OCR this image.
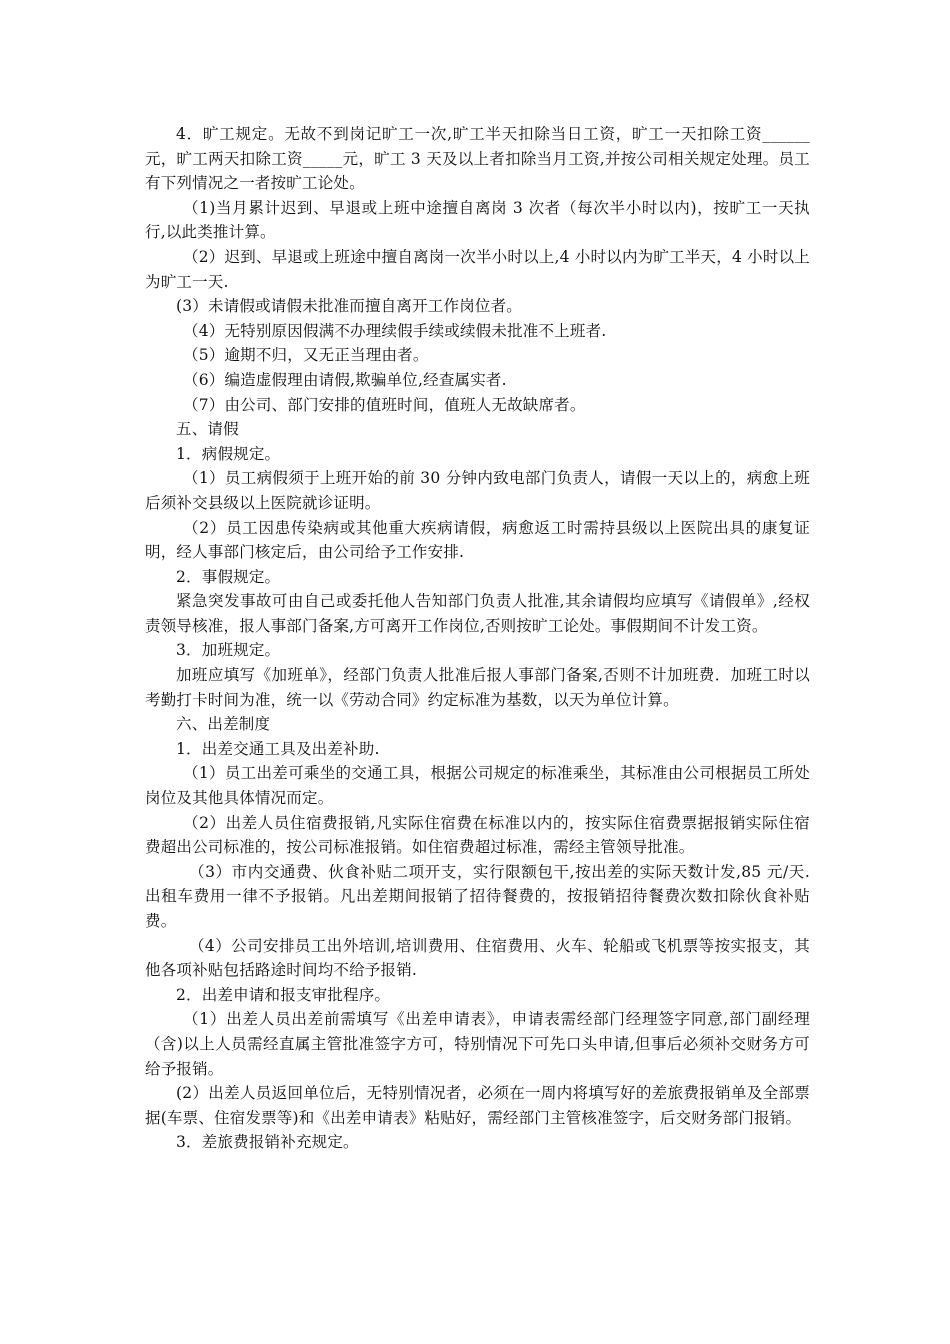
4．旷工规定。无故不到岗记旷工一次,旷工半天扣除当日工资，旷工一天扣除工资______元，旷工两天扣除工资_____元，旷工 3 天及以上者扣除当月工资,并按公司相关规定处理。员工有下列情况之一者按旷工论处。

（1)当月累计迟到、早退或上班中途擅自离岗 3 次者（每次半小时以内)，按旷工一天执行,以此类推计算。

（2）迟到、早退或上班途中擅自离岗一次半小时以上,4 小时以内为旷工半天，4 小时以上为旷工一天.

(3）未请假或请假未批准而擅自离开工作岗位者。

（4）无特别原因假满不办理续假手续或续假未批准不上班者.

（5）逾期不归，又无正当理由者。

（6）编造虚假理由请假,欺骗单位,经查属实者.

（7）由公司、部门安排的值班时间，值班人无故缺席者。

五、请假

1．病假规定。

（1）员工病假须于上班开始的前 30 分钟内致电部门负责人，请假一天以上的，病愈上班后须补交县级以上医院就诊证明。

（2）员工因患传染病或其他重大疾病请假，病愈返工时需持县级以上医院出具的康复证明，经人事部门核定后，由公司给予工作安排.

2．事假规定。

紧急突发事故可由自己或委托他人告知部门负责人批准,其余请假均应填写《请假单》,经权责领导核准，报人事部门备案,方可离开工作岗位,否则按旷工论处。事假期间不计发工资。

3．加班规定。

加班应填写《加班单》，经部门负责人批准后报人事部门备案,否则不计加班费．加班工时以考勤打卡时间为准，统一以《劳动合同》约定标准为基数，以天为单位计算。

六、出差制度

1．出差交通工具及出差补助.

（1）员工出差可乘坐的交通工具，根据公司规定的标准乘坐，其标准由公司根据员工所处岗位及其他具体情况而定。

（2）出差人员住宿费报销,凡实际住宿费在标准以内的，按实际住宿费票据报销实际住宿费超出公司标准的，按公司标准报销。如住宿费超过标准，需经主管领导批准。

（3）市内交通费、伙食补贴二项开支，实行限额包干,按出差的实际天数计发,85 元/天.出租车费用一律不予报销。凡出差期间报销了招待餐费的，按报销招待餐费次数扣除伙食补贴费。

（4）公司安排员工出外培训,培训费用、住宿费用、火车、轮船或飞机票等按实报支，其他各项补贴包括路途时间均不给予报销.

2．出差申请和报支审批程序。

（1）出差人员出差前需填写《出差申请表》，申请表需经部门经理签字同意,部门副经理（含)以上人员需经直属主管批准签字方可，特别情况下可先口头申请,但事后必须补交财务方可给予报销。

(2）出差人员返回单位后，无特别情况者，必须在一周内将填写好的差旅费报销单及全部票据(车票、住宿发票等)和《出差申请表》粘贴好，需经部门主管核准签字，后交财务部门报销。

3．差旅费报销补充规定。
